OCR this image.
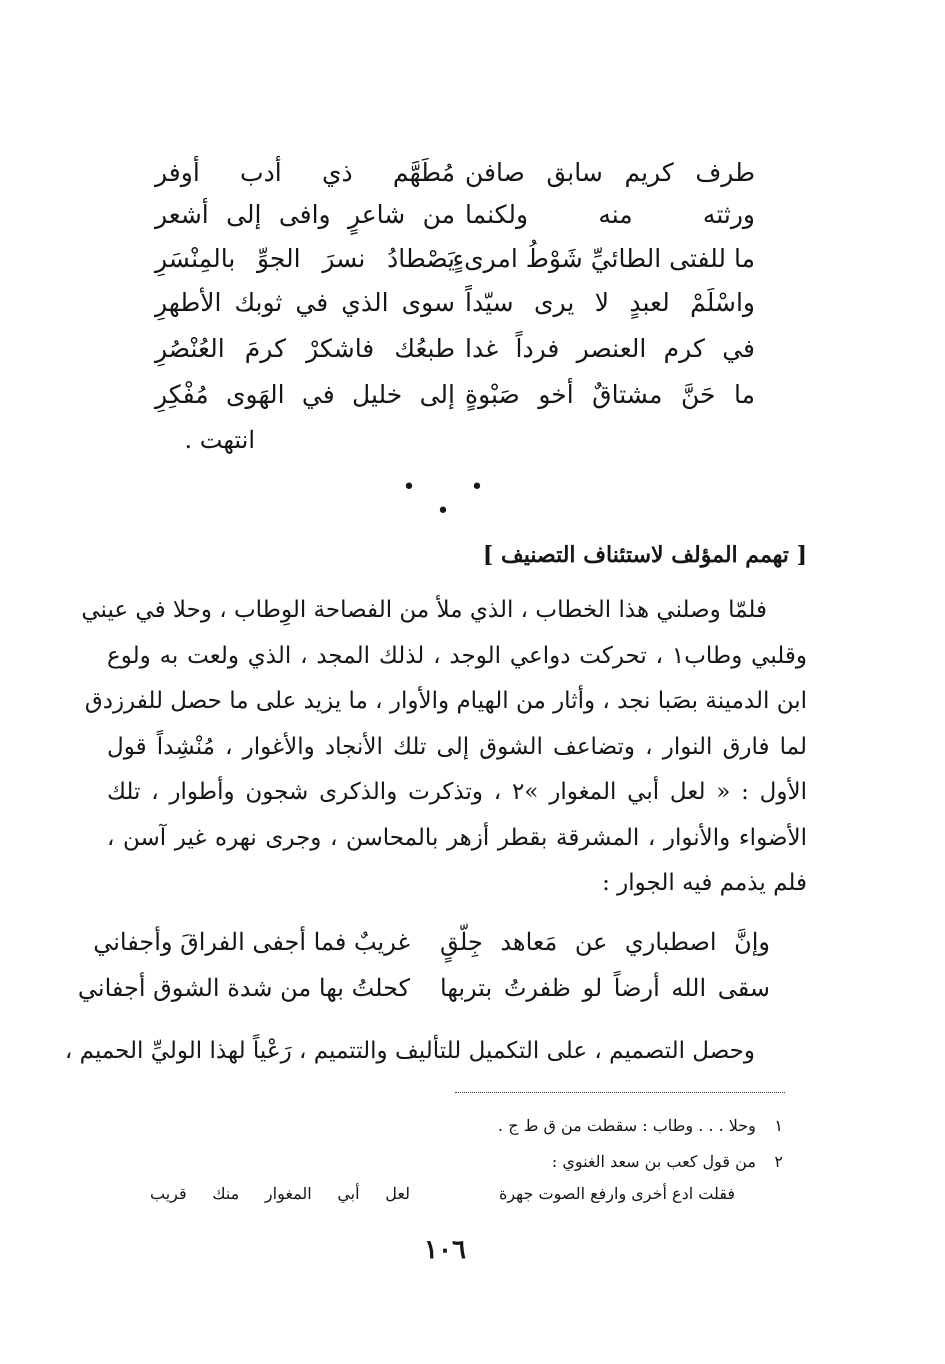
طرف كريم سابق صافن
مُطَهَّم ذي أدب أوفر
ورثته منه ولكنما
من شاعرٍ وافى إلى أشعر
ما للفتى الطائيِّ شَوْطُ امرىءٍ
يَصْطادُ نسرَ الجوِّ بالمِنْسَرِ
واسْلَمْ لعبدٍ لا يرى سيّداً
سوى الذي في ثوبك الأطهرِ
في كرم العنصر فرداً غدا
طبعُك فاشكرْ كرمَ العُنْصُرِ
ما حَنَّ مشتاقٌ أخو صَبْوةٍ
إلى خليل في الهَوى مُفْكِرِ
انتهت .
• • •
[ تهمم المؤلف لاستئناف التصنيف ]
فلمّا وصلني هذا الخطاب ، الذي ملأ من الفصاحة الوِطاب ، وحلا في عيني
وقلبي وطاب١ ، تحركت دواعي الوجد ، لذلك المجد ، الذي ولعت به ولوع
ابن الدمينة بصَبا نجد ، وأثار من الهيام والأوار ، ما يزيد على ما حصل للفرزدق
لما فارق النوار ، وتضاعف الشوق إلى تلك الأنجاد والأغوار ، مُنْشِداً قول
الأول : « لعل أبي المغوار »٢ ، وتذكرت والذكرى شجون وأطوار ، تلك
الأضواء والأنوار ، المشرقة بقطر أزهر بالمحاسن ، وجرى نهره غير آسن ،
فلم يذمم فيه الجوار :
وإنَّ اصطباري عن مَعاهد جِلّقٍ
غريبٌ فما أجفى الفراقَ وأجفاني
سقى الله أرضاً لو ظفرتُ بتربها
كحلتُ بها من شدة الشوق أجفاني
وحصل التصميم ، على التكميل للتأليف والتتميم ، رَعْياً لهذا الوليِّ الحميم ،
١ وحلا . . . وطاب : سقطت من ق ط ج .
٢ من قول كعب بن سعد الغنوي :
فقلت ادع أخرى وارفع الصوت جهرة
لعل أبي المغوار منك قريب
١٠٦
